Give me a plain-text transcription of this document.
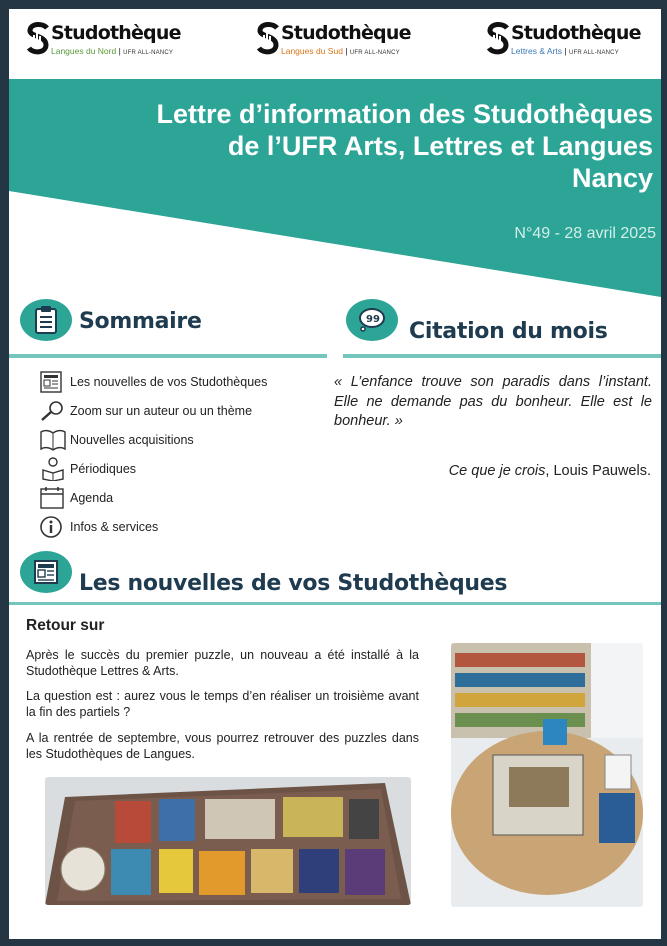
Studothèque
Langues du Nord | UFR ALL-NANCY
Studothèque
Langues du Sud | UFR ALL-NANCY
Studothèque
Lettres & Arts | UFR ALL-NANCY
Lettre d’information des Studothèques
de l’UFR Arts, Lettres et Langues
Nancy
N°49 - 28 avril 2025
Sommaire	99 Citation du mois
Les nouvelles de vos Studothèques
Zoom sur un auteur ou un thème
Nouvelles acquisitions
Périodiques
Agenda
Infos & services
« L’enfance trouve son paradis dans l’instant. Elle ne demande pas du bonheur. Elle est le bonheur. »
Ce que je crois, Louis Pauwels.
Les nouvelles de vos Studothèques
Retour sur
Après le succès du premier puzzle, un nouveau a été installé à la Studothèque Lettres & Arts.
La question est : aurez vous le temps d’en réaliser un troisième avant la fin des partiels ?
A la rentrée de septembre, vous pourrez retrouver des puzzles dans les Studothèques de Langues.
